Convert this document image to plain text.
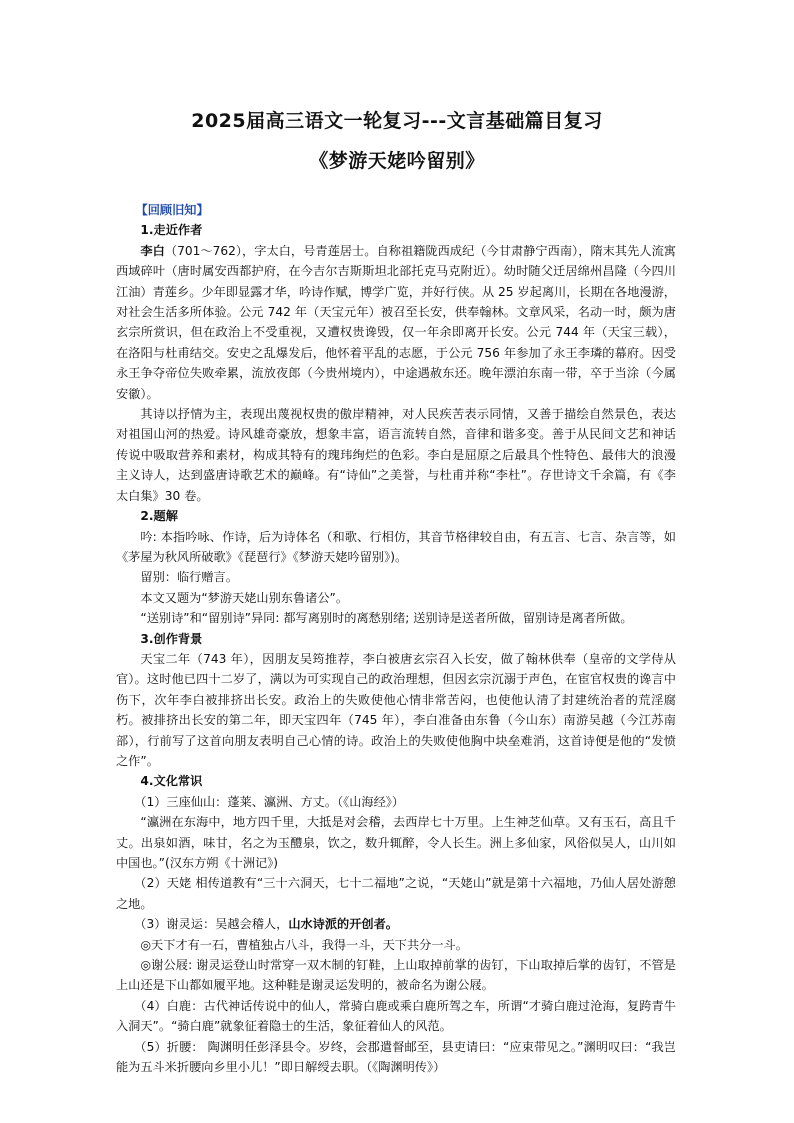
2025届高三语文一轮复习---文言基础篇目复习
《梦游天姥吟留别》

【回顾旧知】

1.走近作者

李白（701～762），字太白，号青莲居士。自称祖籍陇西成纪（今甘肃静宁西南），隋末其先人流寓西域碎叶（唐时属安西都护府，在今吉尔吉斯斯坦北部托克马克附近）。幼时随父迁居绵州昌隆（今四川江油）青莲乡。少年即显露才华，吟诗作赋，博学广览，并好行侠。从 25 岁起离川，长期在各地漫游，对社会生活多所体验。公元 742 年（天宝元年）被召至长安，供奉翰林。文章风采，名动一时，颇为唐玄宗所赏识，但在政治上不受重视，又遭权贵谗毁，仅一年余即离开长安。公元 744 年（天宝三载），在洛阳与杜甫结交。安史之乱爆发后，他怀着平乱的志愿，于公元 756 年参加了永王李璘的幕府。因受永王争夺帝位失败牵累，流放夜郎（今贵州境内），中途遇赦东还。晚年漂泊东南一带，卒于当涂（今属安徽）。

其诗以抒情为主，表现出蔑视权贵的傲岸精神，对人民疾苦表示同情，又善于描绘自然景色，表达对祖国山河的热爱。诗风雄奇豪放，想象丰富，语言流转自然，音律和谐多变。善于从民间文艺和神话传说中吸取营养和素材，构成其特有的瑰玮绚烂的色彩。李白是屈原之后最具个性特色、最伟大的浪漫主义诗人，达到盛唐诗歌艺术的巅峰。有“诗仙”之美誉，与杜甫并称“李杜”。存世诗文千余篇，有《李太白集》30 卷。

2.题解

吟: 本指吟咏、作诗，后为诗体名（和歌、行相仿，其音节格律较自由，有五言、七言、杂言等，如《茅屋为秋风所破歌》《琵琶行》《梦游天姥吟留别》)。

留别：临行赠言。

本文又题为“梦游天姥山别东鲁诸公”。

“送别诗”和“留别诗”异同: 都写离别时的离愁别绪; 送别诗是送者所做，留别诗是离者所做。

3.创作背景

天宝二年（743 年），因朋友吴筠推荐，李白被唐玄宗召入长安，做了翰林供奉（皇帝的文学侍从官）。这时他已四十二岁了，满以为可实现自己的政治理想，但因玄宗沉溺于声色，在宦官权贵的谗言中伤下，次年李白被排挤出长安。政治上的失败使他心情非常苦闷，也使他认清了封建统治者的荒淫腐朽。被排挤出长安的第二年，即天宝四年（745 年），李白准备由东鲁（今山东）南游吴越（今江苏南部），行前写了这首向朋友表明自己心情的诗。政治上的失败使他胸中块垒难消，这首诗便是他的“发愤之作”。

4.文化常识

（1）三座仙山：蓬莱、瀛洲、方丈。（《山海经》）

“瀛洲在东海中，地方四千里，大抵是对会稽，去西岸七十万里。上生神芝仙草。又有玉石，高且千丈。出泉如酒，味甘，名之为玉醴泉，饮之，数升辄醉，令人长生。洲上多仙家，风俗似吴人，山川如中国也。”(汉东方朔《十洲记》)

（2）天姥 相传道教有“三十六洞天，七十二福地”之说，“天姥山”就是第十六福地，乃仙人居处游憩之地。

（3）谢灵运：吴越会稽人，山水诗派的开创者。

◎天下才有一石，曹植独占八斗，我得一斗，天下共分一斗。

◎谢公屐: 谢灵运登山时常穿一双木制的钉鞋，上山取掉前掌的齿钉，下山取掉后掌的齿钉，不管是上山还是下山都如履平地。这种鞋是谢灵运发明的，被命名为谢公屐。

（4）白鹿：古代神话传说中的仙人，常骑白鹿或乘白鹿所驾之车，所谓“才骑白鹿过沧海，复跨青牛入洞天”。“骑白鹿”就象征着隐士的生活，象征着仙人的风范。

（5）折腰： 陶渊明任彭泽县令。岁终，会郡遣督邮至，县吏请曰：“应束带见之。”渊明叹曰：“我岂能为五斗米折腰向乡里小儿！”即日解绶去职。（《陶渊明传》）
